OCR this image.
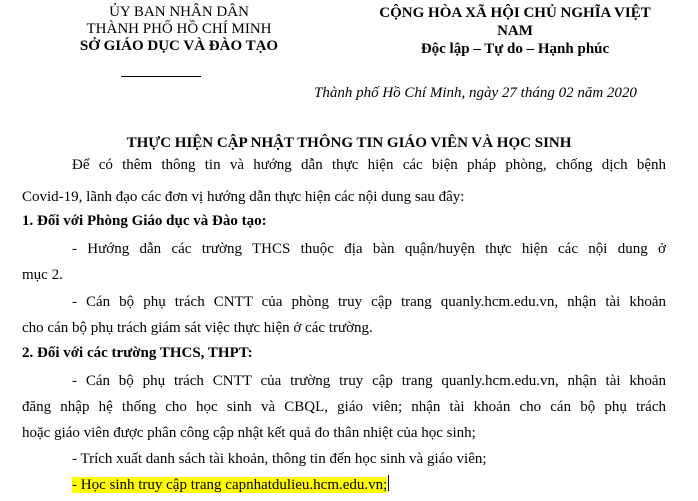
ỦY BAN NHÂN DÂN
THÀNH PHỐ HỒ CHÍ MINH
SỞ GIÁO DỤC VÀ ĐÀO TẠO
CỘNG HÒA XÃ HỘI CHỦ NGHĨA VIỆT
NAM
Độc lập – Tự do – Hạnh phúc
Thành phố Hồ Chí Minh, ngày 27 tháng 02 năm 2020
THỰC HIỆN CẬP NHẬT THÔNG TIN GIÁO VIÊN VÀ HỌC SINH
Để có thêm thông tin và hướng dẫn thực hiện các biện pháp phòng, chống dịch bệnh
Covid-19, lãnh đạo các đơn vị hướng dẫn thực hiện các nội dung sau đây:
1. Đối với Phòng Giáo dục và Đào tạo:
- Hướng dẫn các trường THCS thuộc địa bàn quận/huyện thực hiện các nội dung ở
mục 2.
- Cán bộ phụ trách CNTT của phòng truy cập trang quanly.hcm.edu.vn, nhận tài khoản
cho cán bộ phụ trách giám sát việc thực hiện ở các trường.
2. Đối với các trường THCS, THPT:
- Cán bộ phụ trách CNTT của trường truy cập trang quanly.hcm.edu.vn, nhận tài khoản
đăng nhập hệ thống cho học sinh và CBQL, giáo viên; nhận tài khoản cho cán bộ phụ trách
hoặc giáo viên được phân công cập nhật kết quả đo thân nhiệt của học sinh;
- Trích xuất danh sách tài khoản, thông tin đến học sinh và giáo viên;
- Học sinh truy cập trang capnhatdulieu.hcm.edu.vn;
